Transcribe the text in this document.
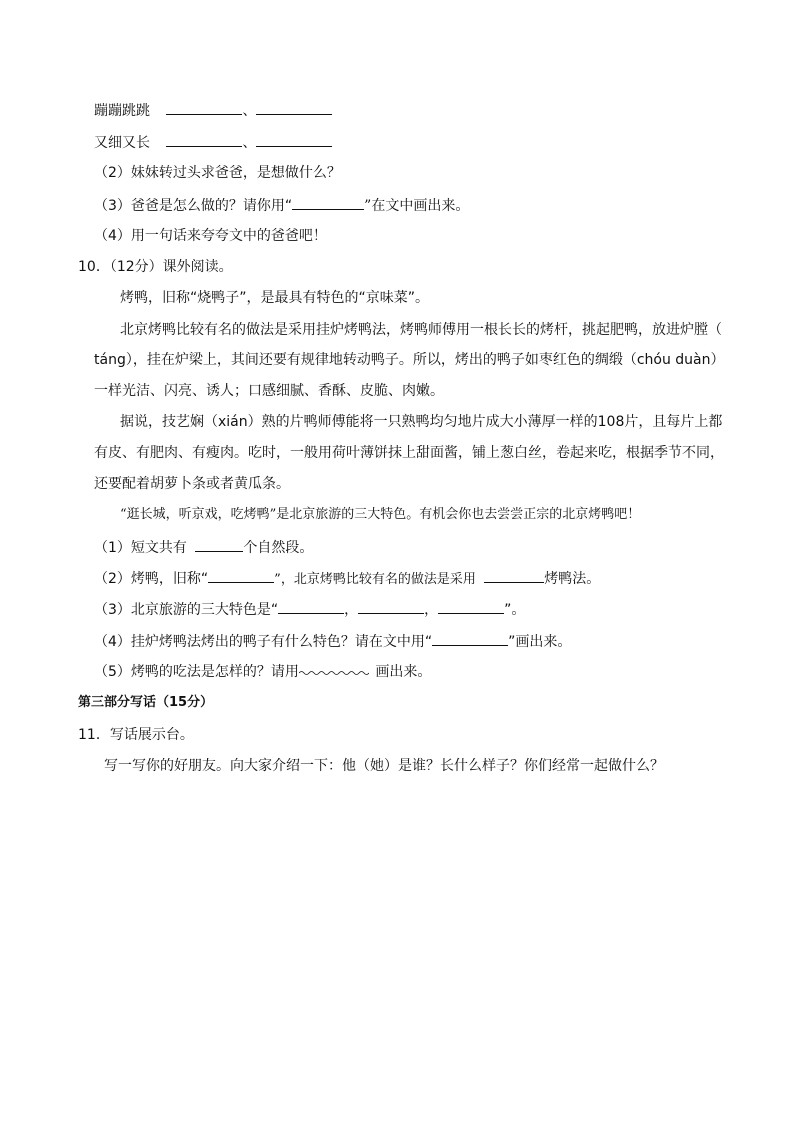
蹦蹦跳跳	、
又细又长	、
（2）妹妹转过头求爸爸，是想做什么？
（3）爸爸是怎么做的？请你用“	”在文中画出来。
（4）用一句话来夸夸文中的爸爸吧！
10．（12分）课外阅读。
烤鸭，旧称“烧鸭子”，是最具有特色的“京味菜”。
北京烤鸭比较有名的做法是采用挂炉烤鸭法，烤鸭师傅用一根长长的烤杆，挑起肥鸭，放进炉膛（
táng），挂在炉梁上，其间还要有规律地转动鸭子。所以，烤出的鸭子如枣红色的绸缎（chóu duàn）
一样光洁、闪亮、诱人；口感细腻、香酥、皮脆、肉嫩。
据说，技艺娴（xián）熟的片鸭师傅能将一只熟鸭均匀地片成大小薄厚一样的108片，且每片上都
有皮、有肥肉、有瘦肉。吃时，一般用荷叶薄饼抹上甜面酱，铺上葱白丝，卷起来吃，根据季节不同，
还要配着胡萝卜条或者黄瓜条。
“逛长城，听京戏，吃烤鸭”是北京旅游的三大特色。有机会你也去尝尝正宗的北京烤鸭吧！
（1）短文共有	个自然段。
（2）烤鸭，旧称“	”，北京烤鸭比较有名的做法是采用	烤鸭法。
（3）北京旅游的三大特色是“	，	，	”。
（4）挂炉烤鸭法烤出的鸭子有什么特色？请在文中用“	”画出来。
（5）烤鸭的吃法是怎样的？请用	画出来。
第三部分写话（15分）
11．写话展示台。
写一写你的好朋友。向大家介绍一下：他（她）是谁？长什么样子？你们经常一起做什么？
